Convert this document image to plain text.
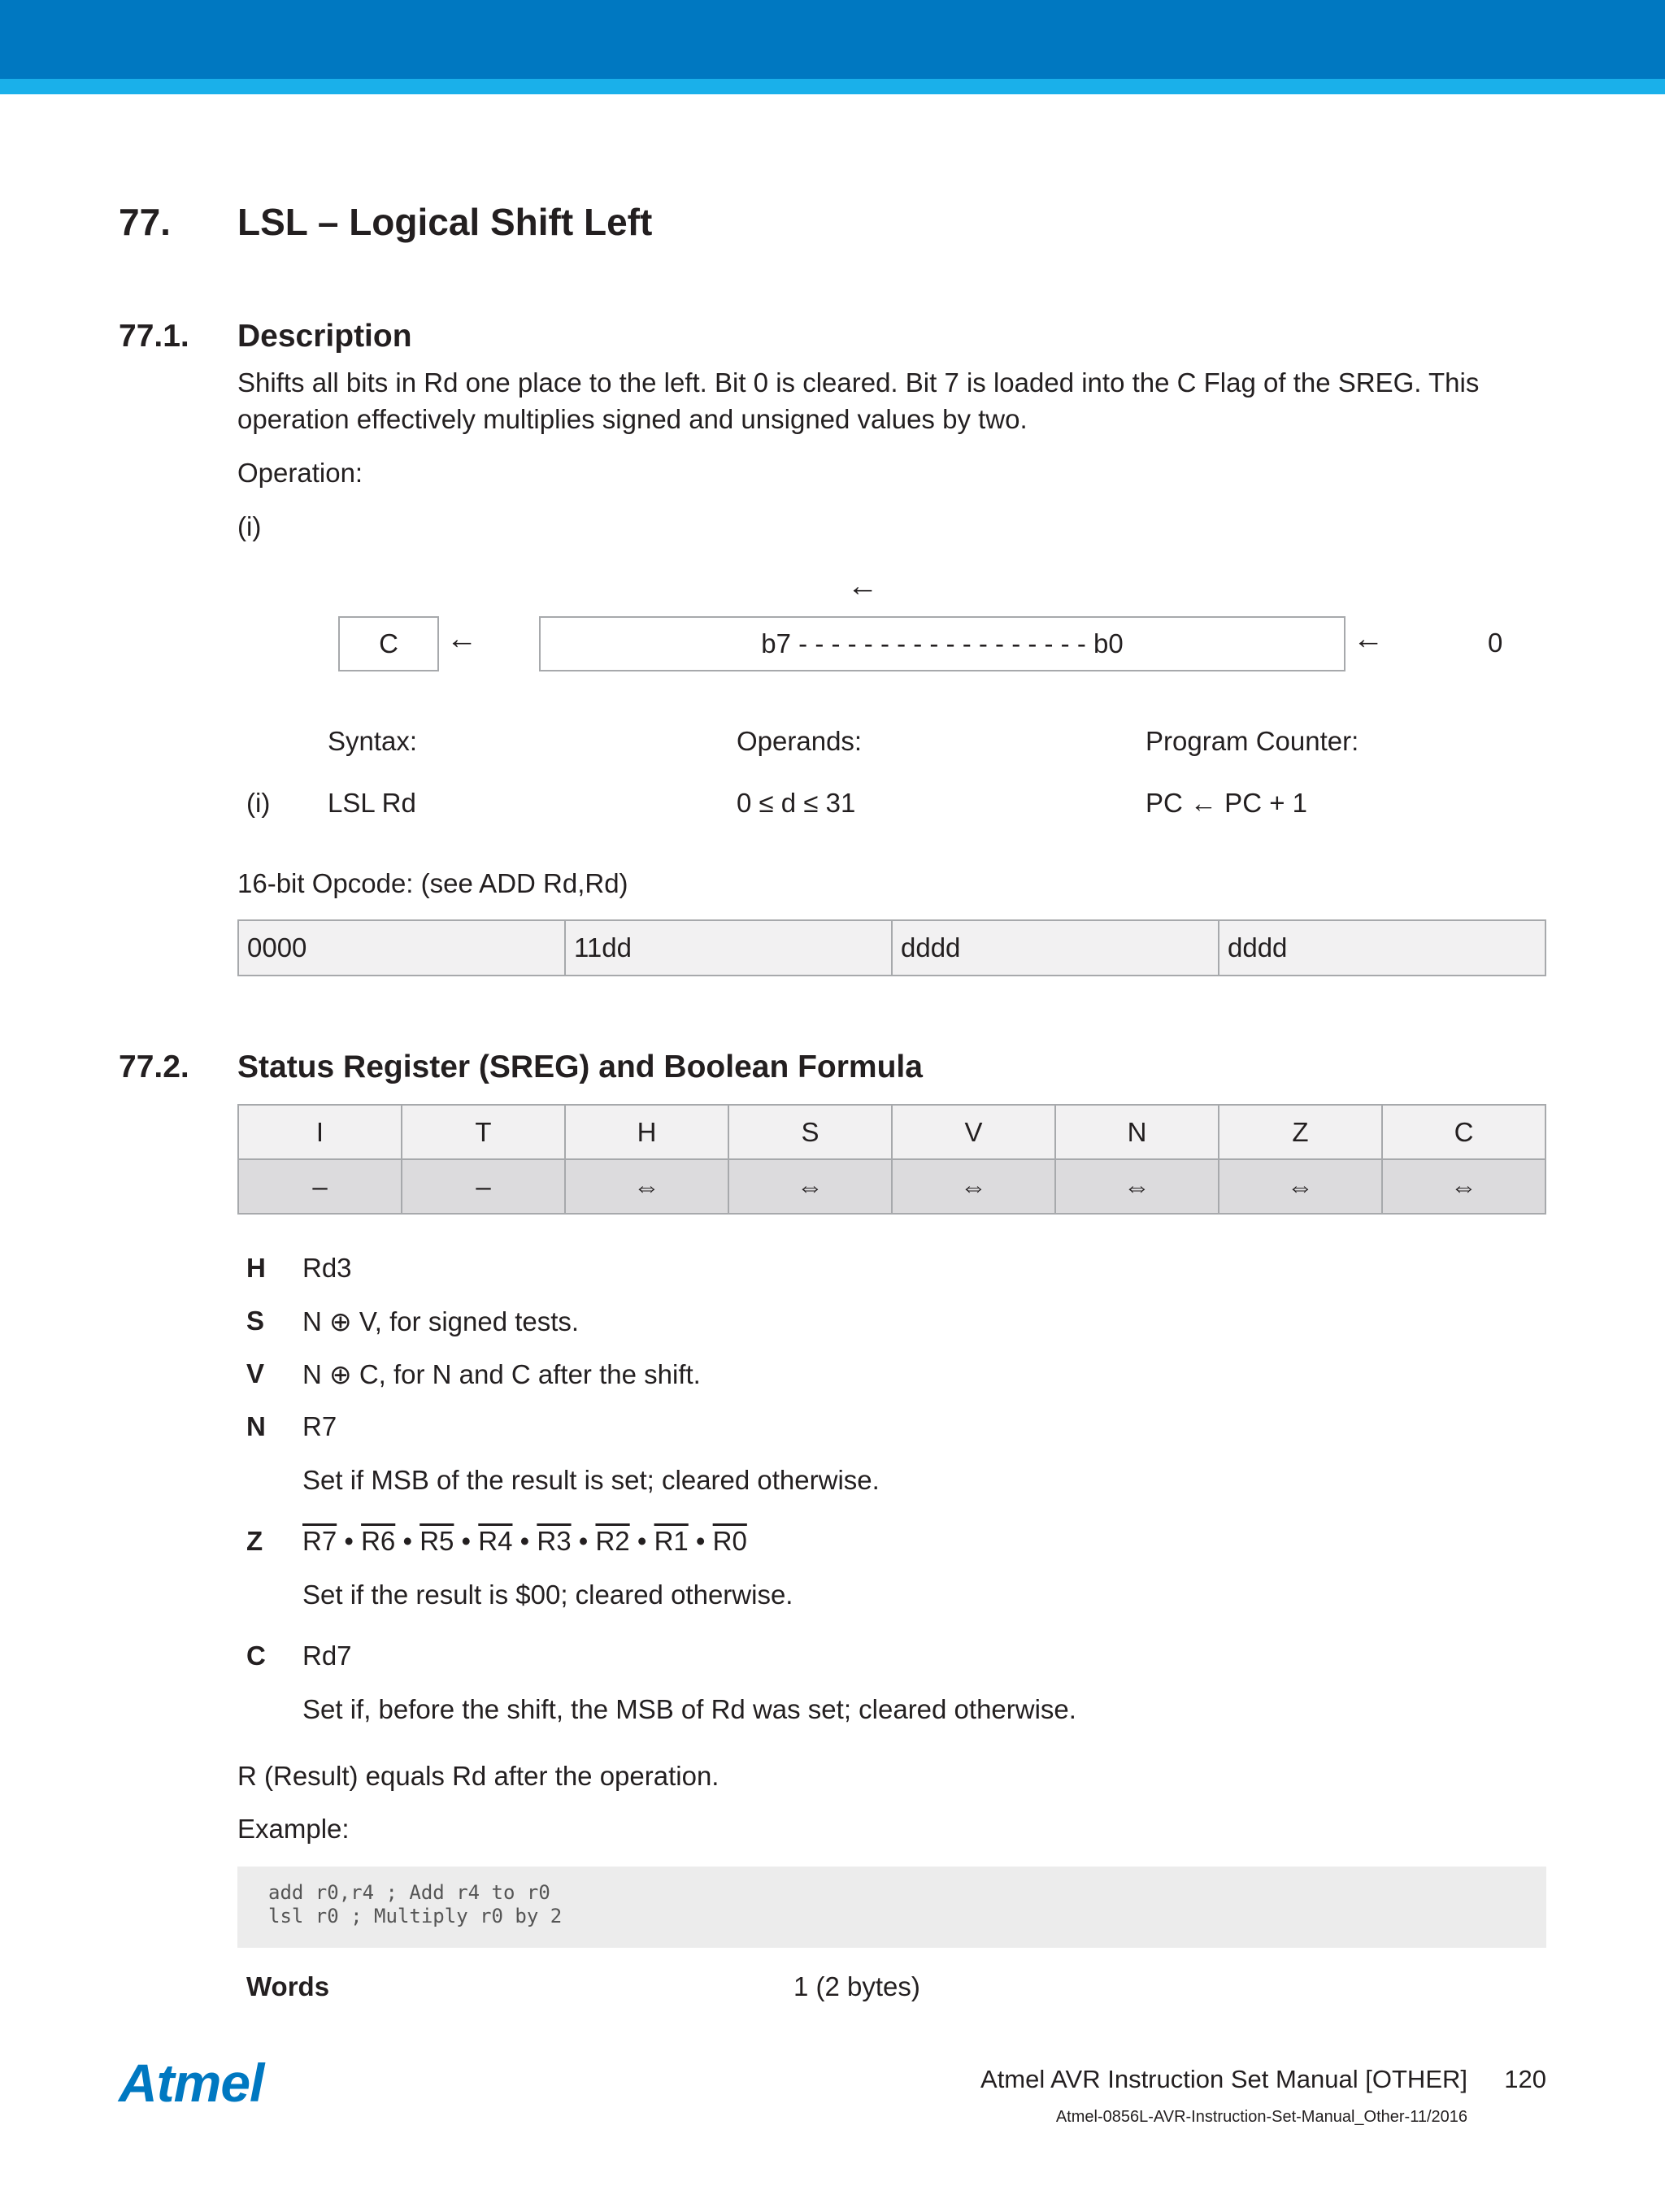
77. LSL – Logical Shift Left
77.1. Description
Shifts all bits in Rd one place to the left. Bit 0 is cleared. Bit 7 is loaded into the C Flag of the SREG. This
operation effectively multiplies signed and unsigned values by two.
Operation:
(i)
←
C	←	b7 - - - - - - - - - - - - - - - - - - b0	←	0
Syntax:	Operands:	Program Counter:
(i) LSL Rd	0 ≤ d ≤ 31	PC ← PC + 1
16-bit Opcode: (see ADD Rd,Rd)
0000	11dd	dddd	dddd
77.2. Status Register (SREG) and Boolean Formula
I	T	H	S	V	N	Z	C
–	–	⇔	⇔	⇔	⇔	⇔	⇔
H Rd3
S N ⊕ V, for signed tests.
V N ⊕ C, for N and C after the shift.
N R7
Set if MSB of the result is set; cleared otherwise.
Z R7 • R6 • R5 • R4 • R3 • R2 • R1 • R0
Set if the result is $00; cleared otherwise.
C Rd7
Set if, before the shift, the MSB of Rd was set; cleared otherwise.
R (Result) equals Rd after the operation.
Example:
add r0,r4 ; Add r4 to r0
lsl r0 ; Multiply r0 by 2
Words	1 (2 bytes)
Atmel	Atmel AVR Instruction Set Manual [OTHER] 120
Atmel-0856L-AVR-Instruction-Set-Manual_Other-11/2016
